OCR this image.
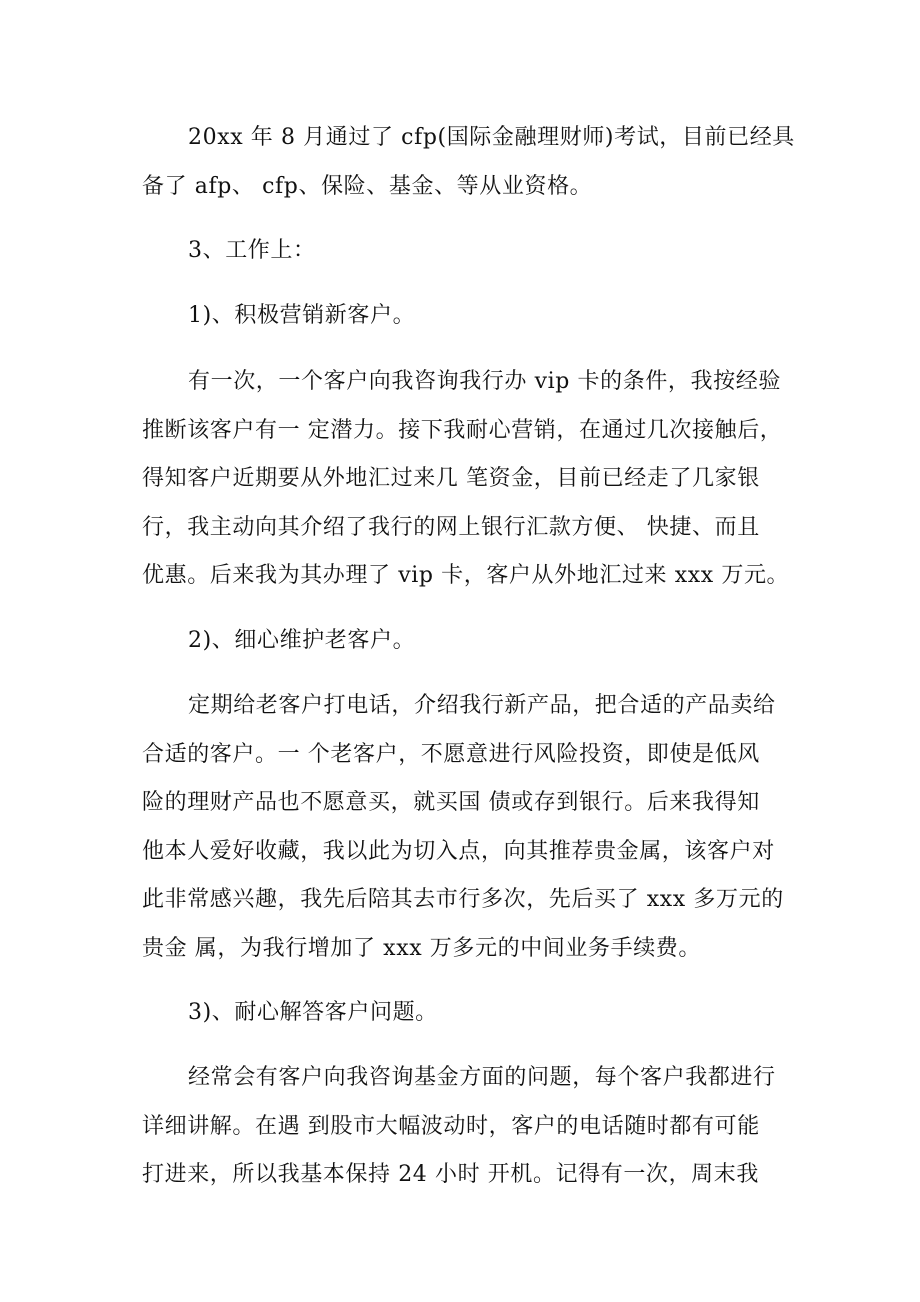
20xx 年 8 月通过了 cfp(国际金融理财师)考试，目前已经具
备了 afp、 cfp、保险、基金、等从业资格。
3、工作上：
1)、积极营销新客户。
有一次，一个客户向我咨询我行办 vip 卡的条件，我按经验
推断该客户有一 定潜力。接下我耐心营销，在通过几次接触后，
得知客户近期要从外地汇过来几 笔资金，目前已经走了几家银
行，我主动向其介绍了我行的网上银行汇款方便、 快捷、而且
优惠。后来我为其办理了 vip 卡，客户从外地汇过来 xxx 万元。
2)、细心维护老客户。
定期给老客户打电话，介绍我行新产品，把合适的产品卖给
合适的客户。一 个老客户，不愿意进行风险投资，即使是低风
险的理财产品也不愿意买，就买国 债或存到银行。后来我得知
他本人爱好收藏，我以此为切入点，向其推荐贵金属，该客户对
此非常感兴趣，我先后陪其去市行多次，先后买了 xxx 多万元的
贵金 属，为我行增加了 xxx 万多元的中间业务手续费。
3)、耐心解答客户问题。
经常会有客户向我咨询基金方面的问题，每个客户我都进行
详细讲解。在遇 到股市大幅波动时，客户的电话随时都有可能
打进来，所以我基本保持 24 小时 开机。记得有一次，周末我
